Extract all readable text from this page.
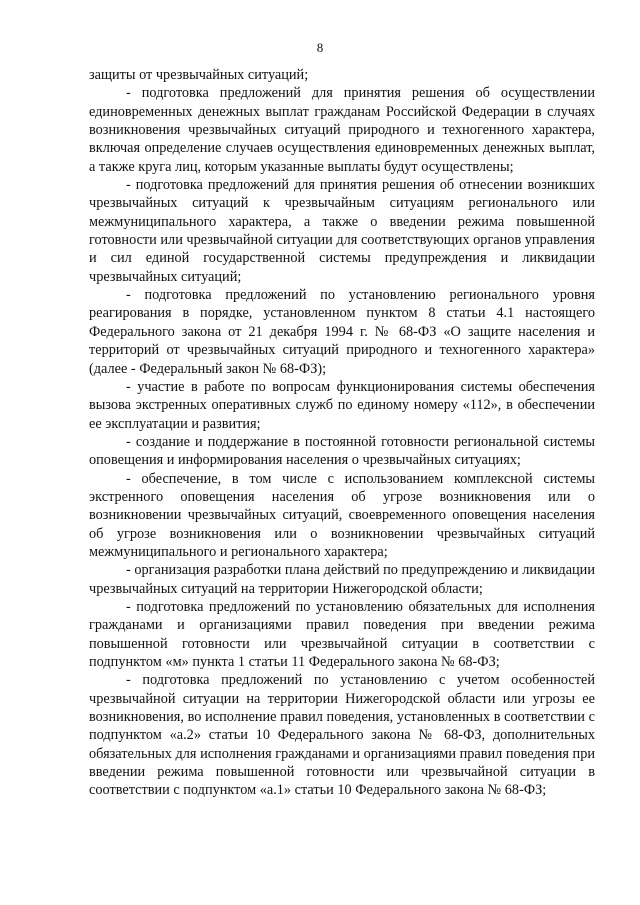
8

защиты от чрезвычайных ситуаций;

- подготовка предложений для принятия решения об осуществлении единовременных денежных выплат гражданам Российской Федерации в случаях возникновения чрезвычайных ситуаций природного и техногенного характера, включая определение случаев осуществления единовременных денежных выплат, а также круга лиц, которым указанные выплаты будут осуществлены;

- подготовка предложений для принятия решения об отнесении возникших чрезвычайных ситуаций к чрезвычайным ситуациям регионального или межмуниципального характера, а также о введении режима повышенной готовности или чрезвычайной ситуации для соответствующих органов управления и сил единой государственной системы предупреждения и ликвидации чрезвычайных ситуаций;

- подготовка предложений по установлению регионального уровня реагирования в порядке, установленном пунктом 8 статьи 4.1 настоящего Федерального закона от 21 декабря 1994 г. № 68-ФЗ «О защите населения и территорий от чрезвычайных ситуаций природного и техногенного характера» (далее - Федеральный закон № 68-ФЗ);

- участие в работе по вопросам функционирования системы обеспечения вызова экстренных оперативных служб по единому номеру «112», в обеспечении ее эксплуатации и развития;

- создание и поддержание в постоянной готовности региональной системы оповещения и информирования населения о чрезвычайных ситуациях;

- обеспечение, в том числе с использованием комплексной системы экстренного оповещения населения об угрозе возникновения или о возникновении чрезвычайных ситуаций, своевременного оповещения населения об угрозе возникновения или о возникновении чрезвычайных ситуаций межмуниципального и регионального характера;

- организация разработки плана действий по предупреждению и ликвидации чрезвычайных ситуаций на территории Нижегородской области;

- подготовка предложений по установлению обязательных для исполнения гражданами и организациями правил поведения при введении режима повышенной готовности или чрезвычайной ситуации в соответствии с подпунктом «м» пункта 1 статьи 11 Федерального закона № 68-ФЗ;

- подготовка предложений по установлению с учетом особенностей чрезвычайной ситуации на территории Нижегородской области или угрозы ее возникновения, во исполнение правил поведения, установленных в соответствии с подпунктом «а.2» статьи 10 Федерального закона № 68-ФЗ, дополнительных обязательных для исполнения гражданами и организациями правил поведения при введении режима повышенной готовности или чрезвычайной ситуации в соответствии с подпунктом «а.1» статьи 10 Федерального закона № 68-ФЗ;
